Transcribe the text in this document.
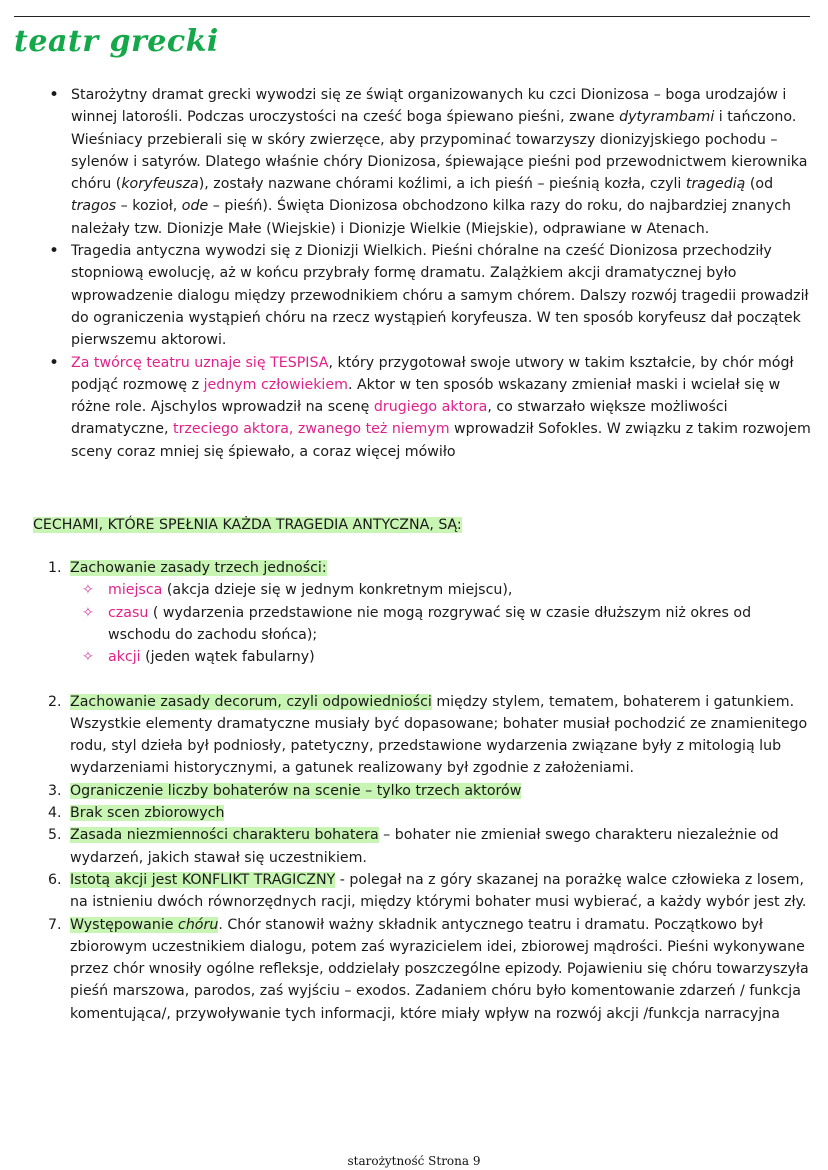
teatr grecki
• Starożytny dramat grecki wywodzi się ze świąt organizowanych ku czci Dionizosa – boga urodzajów i winnej latorośli. Podczas uroczystości na cześć boga śpiewano pieśni, zwane dytyrambami i tańczono. Wieśniacy przebierali się w skóry zwierzęce, aby przypominać towarzyszy dionizyjskiego pochodu – sylenów i satyrów. Dlatego właśnie chóry Dionizosa, śpiewające pieśni pod przewodnictwem kierownika chóru (koryfeusza), zostały nazwane chórami koźlimi, a ich pieśń – pieśnią kozła, czyli tragedią (od tragos – kozioł, ode – pieśń). Święta Dionizosa obchodzono kilka razy do roku, do najbardziej znanych należały tzw. Dionizje Małe (Wiejskie) i Dionizje Wielkie (Miejskie), odprawiane w Atenach.
• Tragedia antyczna wywodzi się z Dionizji Wielkich. Pieśni chóralne na cześć Dionizosa przechodziły stopniową ewolucję, aż w końcu przybrały formę dramatu. Zalążkiem akcji dramatycznej było wprowadzenie dialogu między przewodnikiem chóru a samym chórem. Dalszy rozwój tragedii prowadził do ograniczenia wystąpień chóru na rzecz wystąpień koryfeusza. W ten sposób koryfeusz dał początek pierwszemu aktorowi.
• Za twórcę teatru uznaje się TESPISA, który przygotował swoje utwory w takim kształcie, by chór mógł podjąć rozmowę z jednym człowiekiem. Aktor w ten sposób wskazany zmieniał maski i wcielał się w różne role. Ajschylos wprowadził na scenę drugiego aktora, co stwarzało większe możliwości dramatyczne, trzeciego aktora, zwanego też niemym wprowadził Sofokles. W związku z takim rozwojem sceny coraz mniej się śpiewało, a coraz więcej mówiło
CECHAMI, KTÓRE SPEŁNIA KAŻDA TRAGEDIA ANTYCZNA, SĄ:
1. Zachowanie zasady trzech jedności:
✧ miejsca (akcja dzieje się w jednym konkretnym miejscu),
✧ czasu ( wydarzenia przedstawione nie mogą rozgrywać się w czasie dłuższym niż okres od wschodu do zachodu słońca);
✧ akcji (jeden wątek fabularny)
2. Zachowanie zasady decorum, czyli odpowiedniości między stylem, tematem, bohaterem i gatunkiem. Wszystkie elementy dramatyczne musiały być dopasowane; bohater musiał pochodzić ze znamienitego rodu, styl dzieła był podniosły, patetyczny, przedstawione wydarzenia związane były z mitologią lub wydarzeniami historycznymi, a gatunek realizowany był zgodnie z założeniami.
3. Ograniczenie liczby bohaterów na scenie – tylko trzech aktorów
4. Brak scen zbiorowych
5. Zasada niezmienności charakteru bohatera – bohater nie zmieniał swego charakteru niezależnie od wydarzeń, jakich stawał się uczestnikiem.
6. Istotą akcji jest KONFLIKT TRAGICZNY - polegał na z góry skazanej na porażkę walce człowieka z losem, na istnieniu dwóch równorzędnych racji, między którymi bohater musi wybierać, a każdy wybór jest zły.
7. Występowanie chóru. Chór stanowił ważny składnik antycznego teatru i dramatu. Początkowo był zbiorowym uczestnikiem dialogu, potem zaś wyrazicielem idei, zbiorowej mądrości. Pieśni wykonywane przez chór wnosiły ogólne refleksje, oddzielały poszczególne epizody. Pojawieniu się chóru towarzyszyła pieśń marszowa, parodos, zaś wyjściu – exodos. Zadaniem chóru było komentowanie zdarzeń / funkcja komentująca/, przywoływanie tych informacji, które miały wpływ na rozwój akcji /funkcja narracyjna
starożytność Strona 9
